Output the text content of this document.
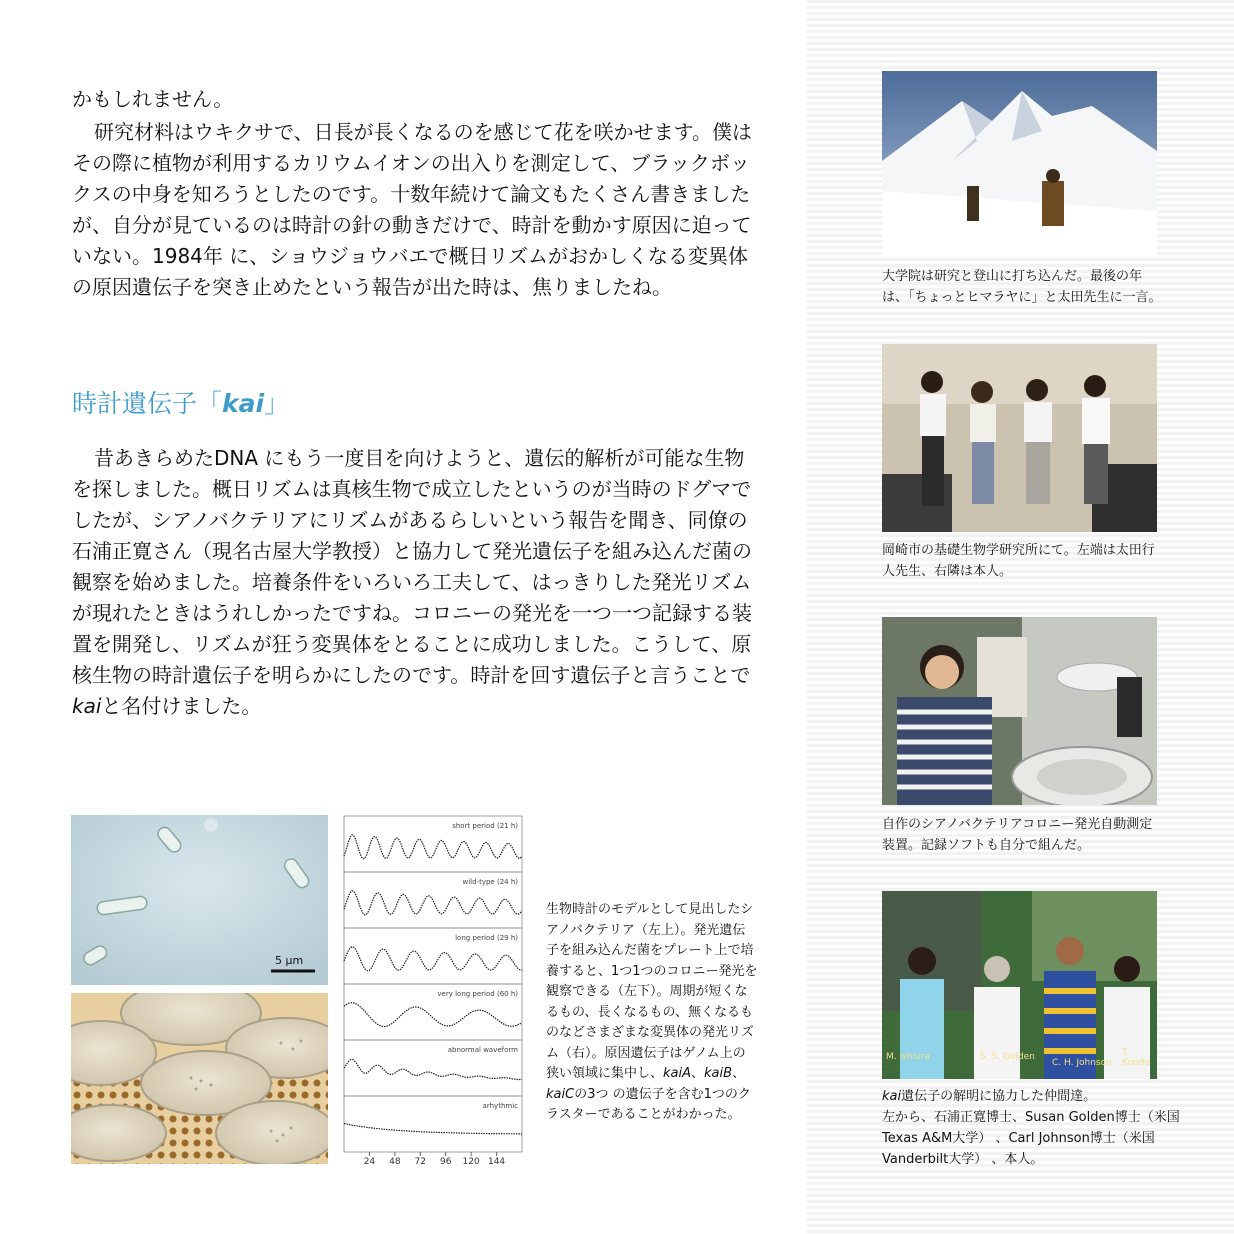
かもしれません。

研究材料はウキクサで、日長が長くなるのを感じて花を咲かせます。僕はその際に植物が利用するカリウムイオンの出入りを測定して、ブラックボックスの中身を知ろうとしたのです。十数年続けて論文もたくさん書きましたが、自分が見ているのは時計の針の動きだけで、時計を動かす原因に迫っていない。1984年 に、ショウジョウバエで概日リズムがおかしくなる変異体の原因遺伝子を突き止めたという報告が出た時は、焦りましたね。

時計遺伝子「kai」

昔あきらめたDNA にもう一度目を向けようと、遺伝的解析が可能な生物を探しました。概日リズムは真核生物で成立したというのが当時のドグマでしたが、シアノバクテリアにリズムがあるらしいという報告を聞き、同僚の石浦正寛さん（現名古屋大学教授）と協力して発光遺伝子を組み込んだ菌の観察を始めました。培養条件をいろいろ工夫して、はっきりした発光リズムが現れたときはうれしかったですね。コロニーの発光を一つ一つ記録する装置を開発し、リズムが狂う変異体をとることに成功しました。こうして、原核生物の時計遺伝子を明らかにしたのです。時計を回す遺伝子と言うことでkaiと名付けました。

5 μm
short period (21 h)
wild-type (24 h)
long period (29 h)
very long period (60 h)
abnormal waveform
arhythmic
24 48 72 96 120 144
生物時計のモデルとして見出したシアノバクテリア（左上）。発光遺伝子を組み込んだ菌をプレート上で培養すると、1つ1つのコロニー発光を観察できる（左下）。周期が短くなるもの、長くなるもの、無くなるものなどさまざまな変異体の発光リズム（右）。原因遺伝子はゲノム上の狭い領域に集中し、kaiA、kaiB、kaiCの3つ の遺伝子を含む1つのクラスターであることがわかった。

大学院は研究と登山に打ち込んだ。最後の年は、「ちょっとヒマラヤに」と太田先生に一言。

岡崎市の基礎生物学研究所にて。左端は太田行人先生、右隣は本人。

自作のシアノバクテリアコロニー発光自動測定装置。記録ソフトも自分で組んだ。

M. Ishiura	S. S. Golden
C. H. Johnson
T. Kondo
kai遺伝子の解明に協力した仲間達。
左から、石浦正寛博士、Susan Golden博士（米国Texas A&M大学） 、Carl Johnson博士（米国Vanderbilt大学） 、本人。
